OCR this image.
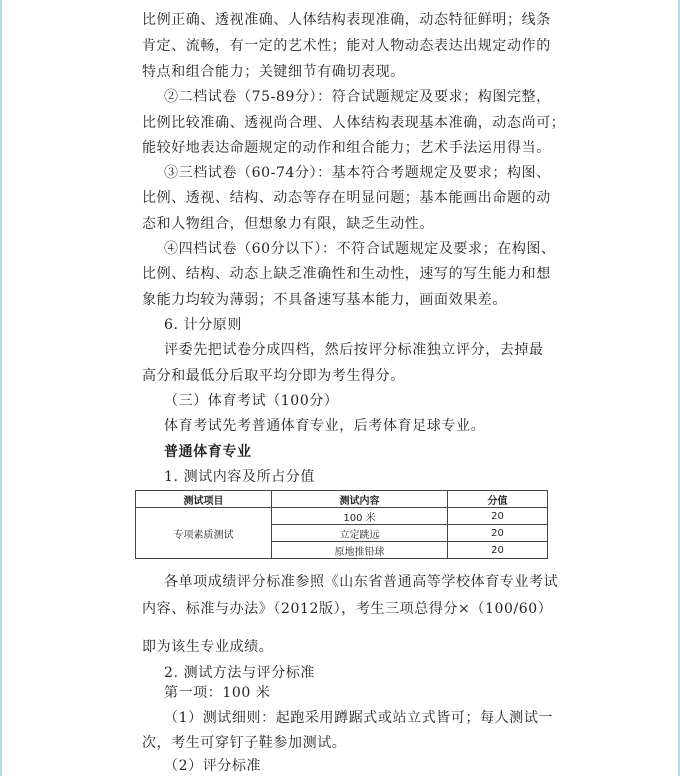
比例正确、透视准确、人体结构表现准确，动态特征鲜明；线条
肯定、流畅，有一定的艺术性；能对人物动态表达出规定动作的
特点和组合能力；关键细节有确切表现。
②二档试卷（75-89分）：符合试题规定及要求；构图完整，
比例比较准确、透视尚合理、人体结构表现基本准确，动态尚可；
能较好地表达命题规定的动作和组合能力；艺术手法运用得当。
③三档试卷（60-74分）：基本符合考题规定及要求；构图、
比例、透视、结构、动态等存在明显问题；基本能画出命题的动
态和人物组合，但想象力有限，缺乏生动性。
④四档试卷（60分以下）：不符合试题规定及要求；在构图、
比例、结构、动态上缺乏准确性和生动性，速写的写生能力和想
象能力均较为薄弱；不具备速写基本能力，画面效果差。
6. 计分原则
评委先把试卷分成四档，然后按评分标准独立评分，去掉最
高分和最低分后取平均分即为考生得分。
（三）体育考试（100分）
体育考试先考普通体育专业，后考体育足球专业。
普通体育专业
1. 测试内容及所占分值
测试项目	测试内容	分值
专项素质测试	100 米	20
	立定跳远	20
	原地推铅球	20
各单项成绩评分标准参照《山东省普通高等学校体育专业考试
内容、标准与办法》（2012版），考生三项总得分×（100/60）
即为该生专业成绩。
2. 测试方法与评分标准
第一项：100 米
（1）测试细则：起跑采用蹲踞式或站立式皆可；每人测试一
次，考生可穿钉子鞋参加测试。
（2）评分标准
